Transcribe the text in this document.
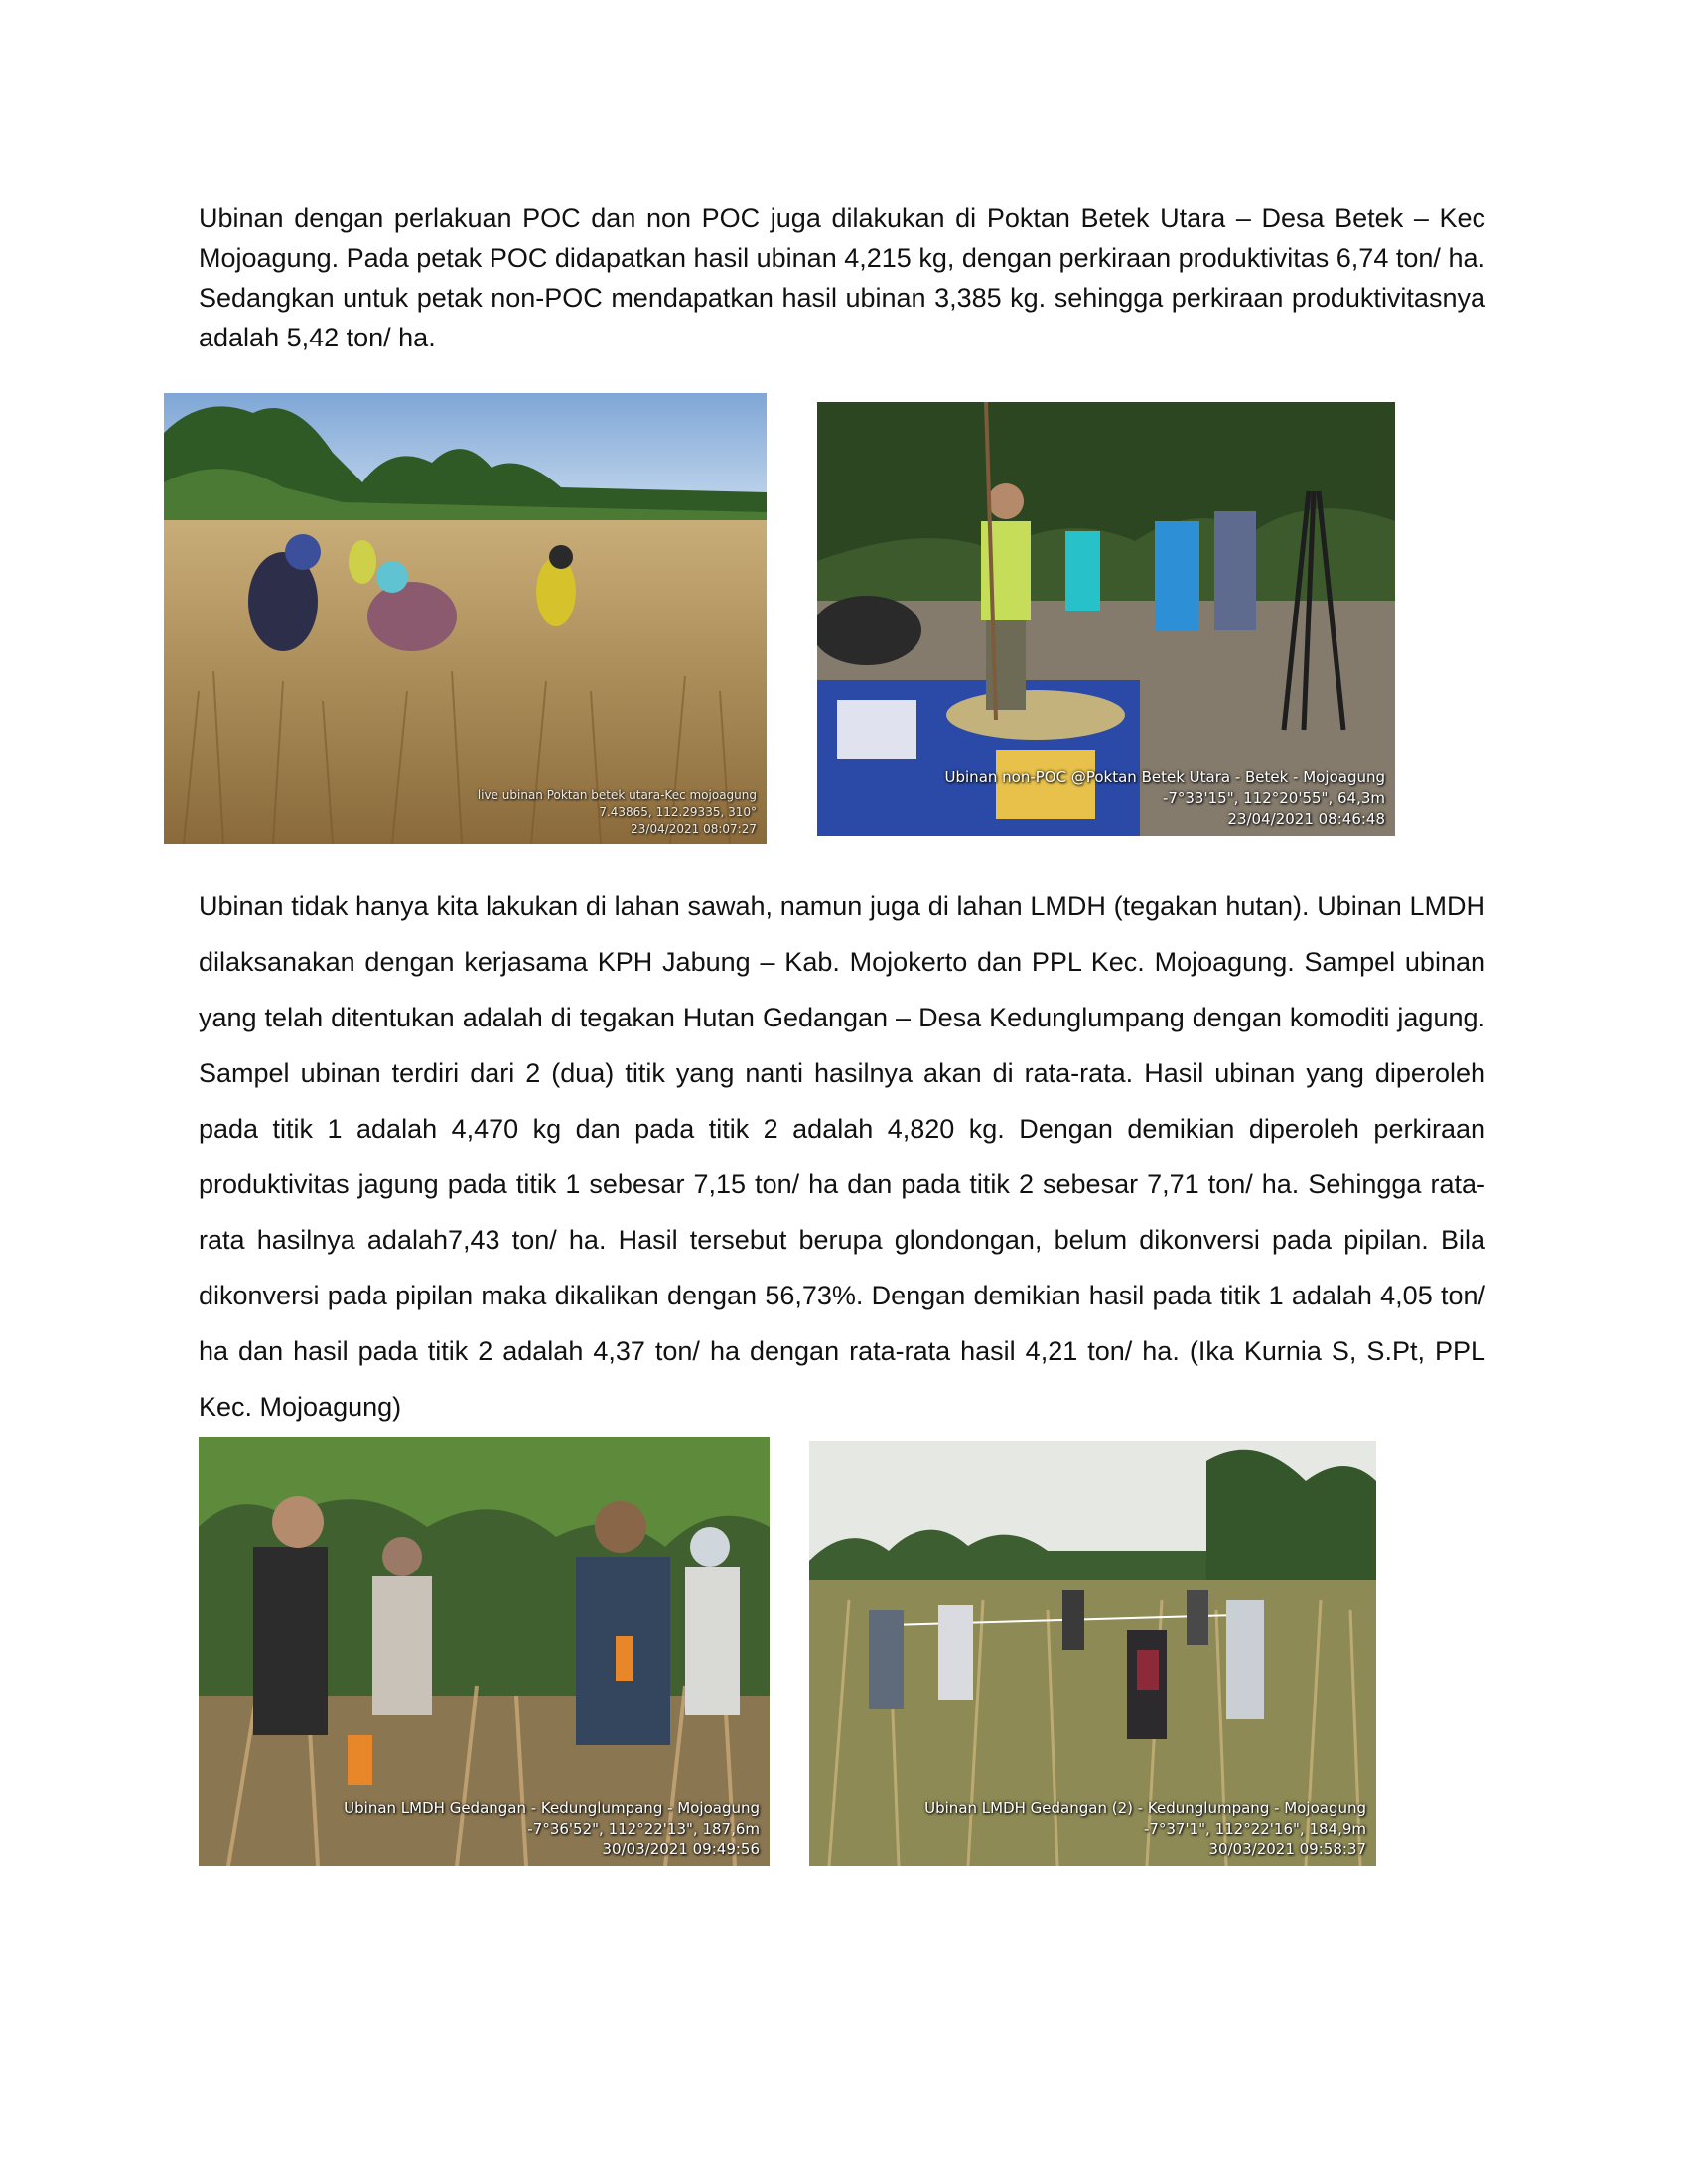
Ubinan dengan perlakuan POC dan non POC juga dilakukan di Poktan Betek Utara – Desa Betek – Kec Mojoagung. Pada petak POC didapatkan hasil ubinan 4,215 kg, dengan perkiraan produktivitas 6,74 ton/ ha. Sedangkan untuk petak non-POC mendapatkan hasil ubinan 3,385 kg. sehingga perkiraan produktivitasnya adalah 5,42 ton/ ha.

live ubinan Poktan betek utara-Kec mojoagung
7.43865, 112.29335, 310°
23/04/2021 08:07:27
Ubinan non-POC @Poktan Betek Utara - Betek - Mojoagung
-7°33'15", 112°20'55", 64,3m
23/04/2021 08:46:48

Ubinan tidak hanya kita lakukan di lahan sawah, namun juga di lahan LMDH (tegakan hutan). Ubinan LMDH dilaksanakan dengan kerjasama KPH Jabung – Kab. Mojokerto dan PPL Kec. Mojoagung. Sampel ubinan yang telah ditentukan adalah di tegakan Hutan Gedangan – Desa Kedunglumpang dengan komoditi jagung. Sampel ubinan terdiri dari 2 (dua) titik yang nanti hasilnya akan di rata-rata. Hasil ubinan yang diperoleh pada titik 1 adalah 4,470 kg dan pada titik 2 adalah 4,820 kg. Dengan demikian diperoleh perkiraan produktivitas jagung pada titik 1 sebesar 7,15 ton/ ha dan pada titik 2 sebesar 7,71 ton/ ha. Sehingga rata-rata hasilnya adalah7,43 ton/ ha. Hasil tersebut berupa glondongan, belum dikonversi pada pipilan. Bila dikonversi pada pipilan maka dikalikan dengan 56,73%. Dengan demikian hasil pada titik 1 adalah 4,05 ton/ ha dan hasil pada titik 2 adalah 4,37 ton/ ha dengan rata-rata hasil 4,21 ton/ ha. (Ika Kurnia S, S.Pt, PPL Kec. Mojoagung)

Ubinan LMDH Gedangan - Kedunglumpang - Mojoagung
-7°36'52", 112°22'13", 187,6m
30/03/2021 09:49:56
Ubinan LMDH Gedangan (2) - Kedunglumpang - Mojoagung
-7°37'1", 112°22'16", 184,9m
30/03/2021 09:58:37
